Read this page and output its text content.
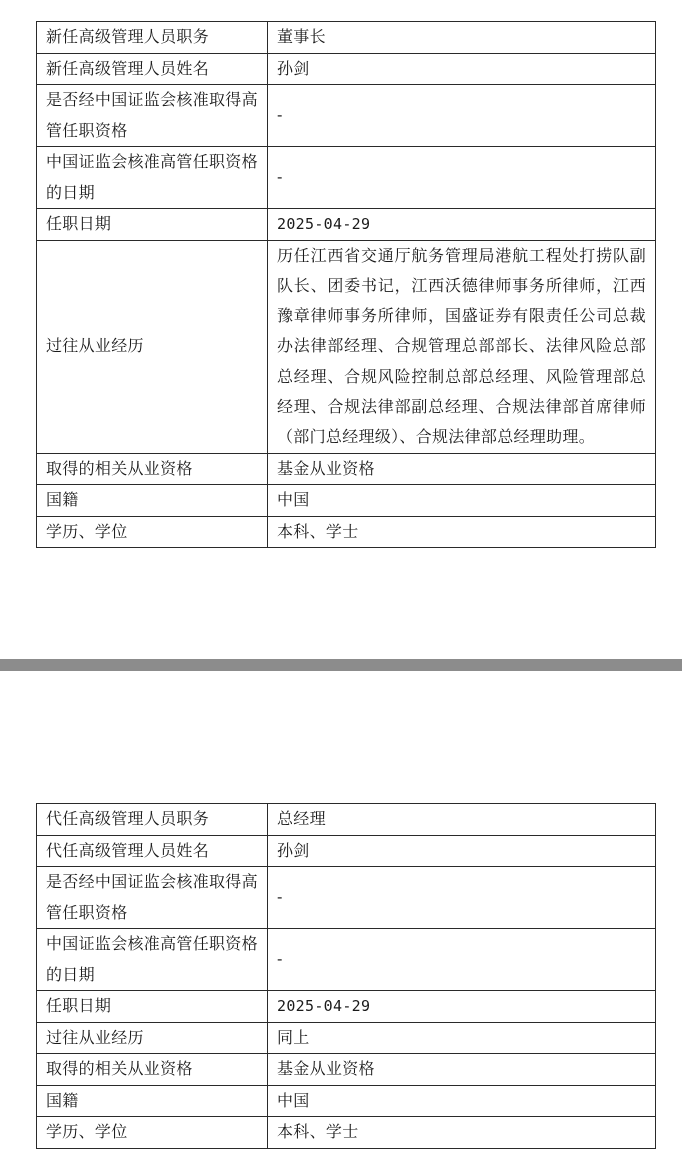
新任高级管理人员职务	董事长
新任高级管理人员姓名	孙剑
是否经中国证监会核准取得高管任职资格	-
中国证监会核准高管任职资格的日期	-
任职日期	2025-04-29
过往从业经历	历任江西省交通厅航务管理局港航工程处打捞队副队长、团委书记，江西沃德律师事务所律师，江西豫章律师事务所律师，国盛证券有限责任公司总裁办法律部经理、合规管理总部部长、法律风险总部总经理、合规风险控制总部总经理、风险管理部总经理、合规法律部副总经理、合规法律部首席律师（部门总经理级）、合规法律部总经理助理。
取得的相关从业资格	基金从业资格
国籍	中国
学历、学位	本科、学士
代任高级管理人员职务	总经理
代任高级管理人员姓名	孙剑
是否经中国证监会核准取得高管任职资格	-
中国证监会核准高管任职资格的日期	-
任职日期	2025-04-29
过往从业经历	同上
取得的相关从业资格	基金从业资格
国籍	中国
学历、学位	本科、学士
